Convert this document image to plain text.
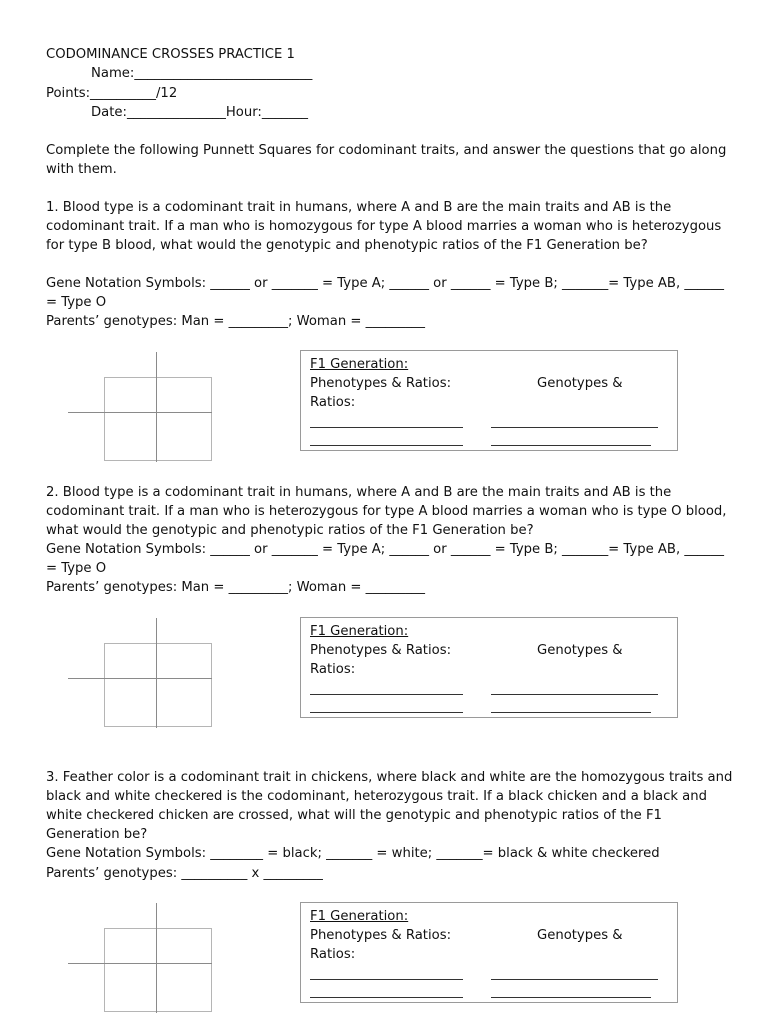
CODOMINANCE CROSSES PRACTICE 1
Name:___________________________
Points:__________/12
Date:_______________Hour:_______
Complete the following Punnett Squares for codominant traits, and answer the questions that go along with them.
1. Blood type is a codominant trait in humans, where A and B are the main traits and AB is the codominant trait. If a man who is homozygous for type A blood marries a woman who is heterozygous for type B blood, what would the genotypic and phenotypic ratios of the F1 Generation be?
Gene Notation Symbols: ______ or _______ = Type A; ______ or ______ = Type B; _______= Type AB, ______ = Type O
Parents’ genotypes: Man = _________; Woman = _________
F1 Generation:
Phenotypes & Ratios:	Genotypes &
Ratios:
2. Blood type is a codominant trait in humans, where A and B are the main traits and AB is the codominant trait. If a man who is heterozygous for type A blood marries a woman who is type O blood, what would the genotypic and phenotypic ratios of the F1 Generation be?
Gene Notation Symbols: ______ or _______ = Type A; ______ or ______ = Type B; _______= Type AB, ______ = Type O
Parents’ genotypes: Man = _________; Woman = _________
F1 Generation:
Phenotypes & Ratios:	Genotypes &
Ratios:
3. Feather color is a codominant trait in chickens, where black and white are the homozygous traits and black and white checkered is the codominant, heterozygous trait. If a black chicken and a black and white checkered chicken are crossed, what will the genotypic and phenotypic ratios of the F1 Generation be?
Gene Notation Symbols: ________ = black; _______ = white; _______= black & white checkered
Parents’ genotypes: __________ x _________
F1 Generation:
Phenotypes & Ratios:	Genotypes &
Ratios:
